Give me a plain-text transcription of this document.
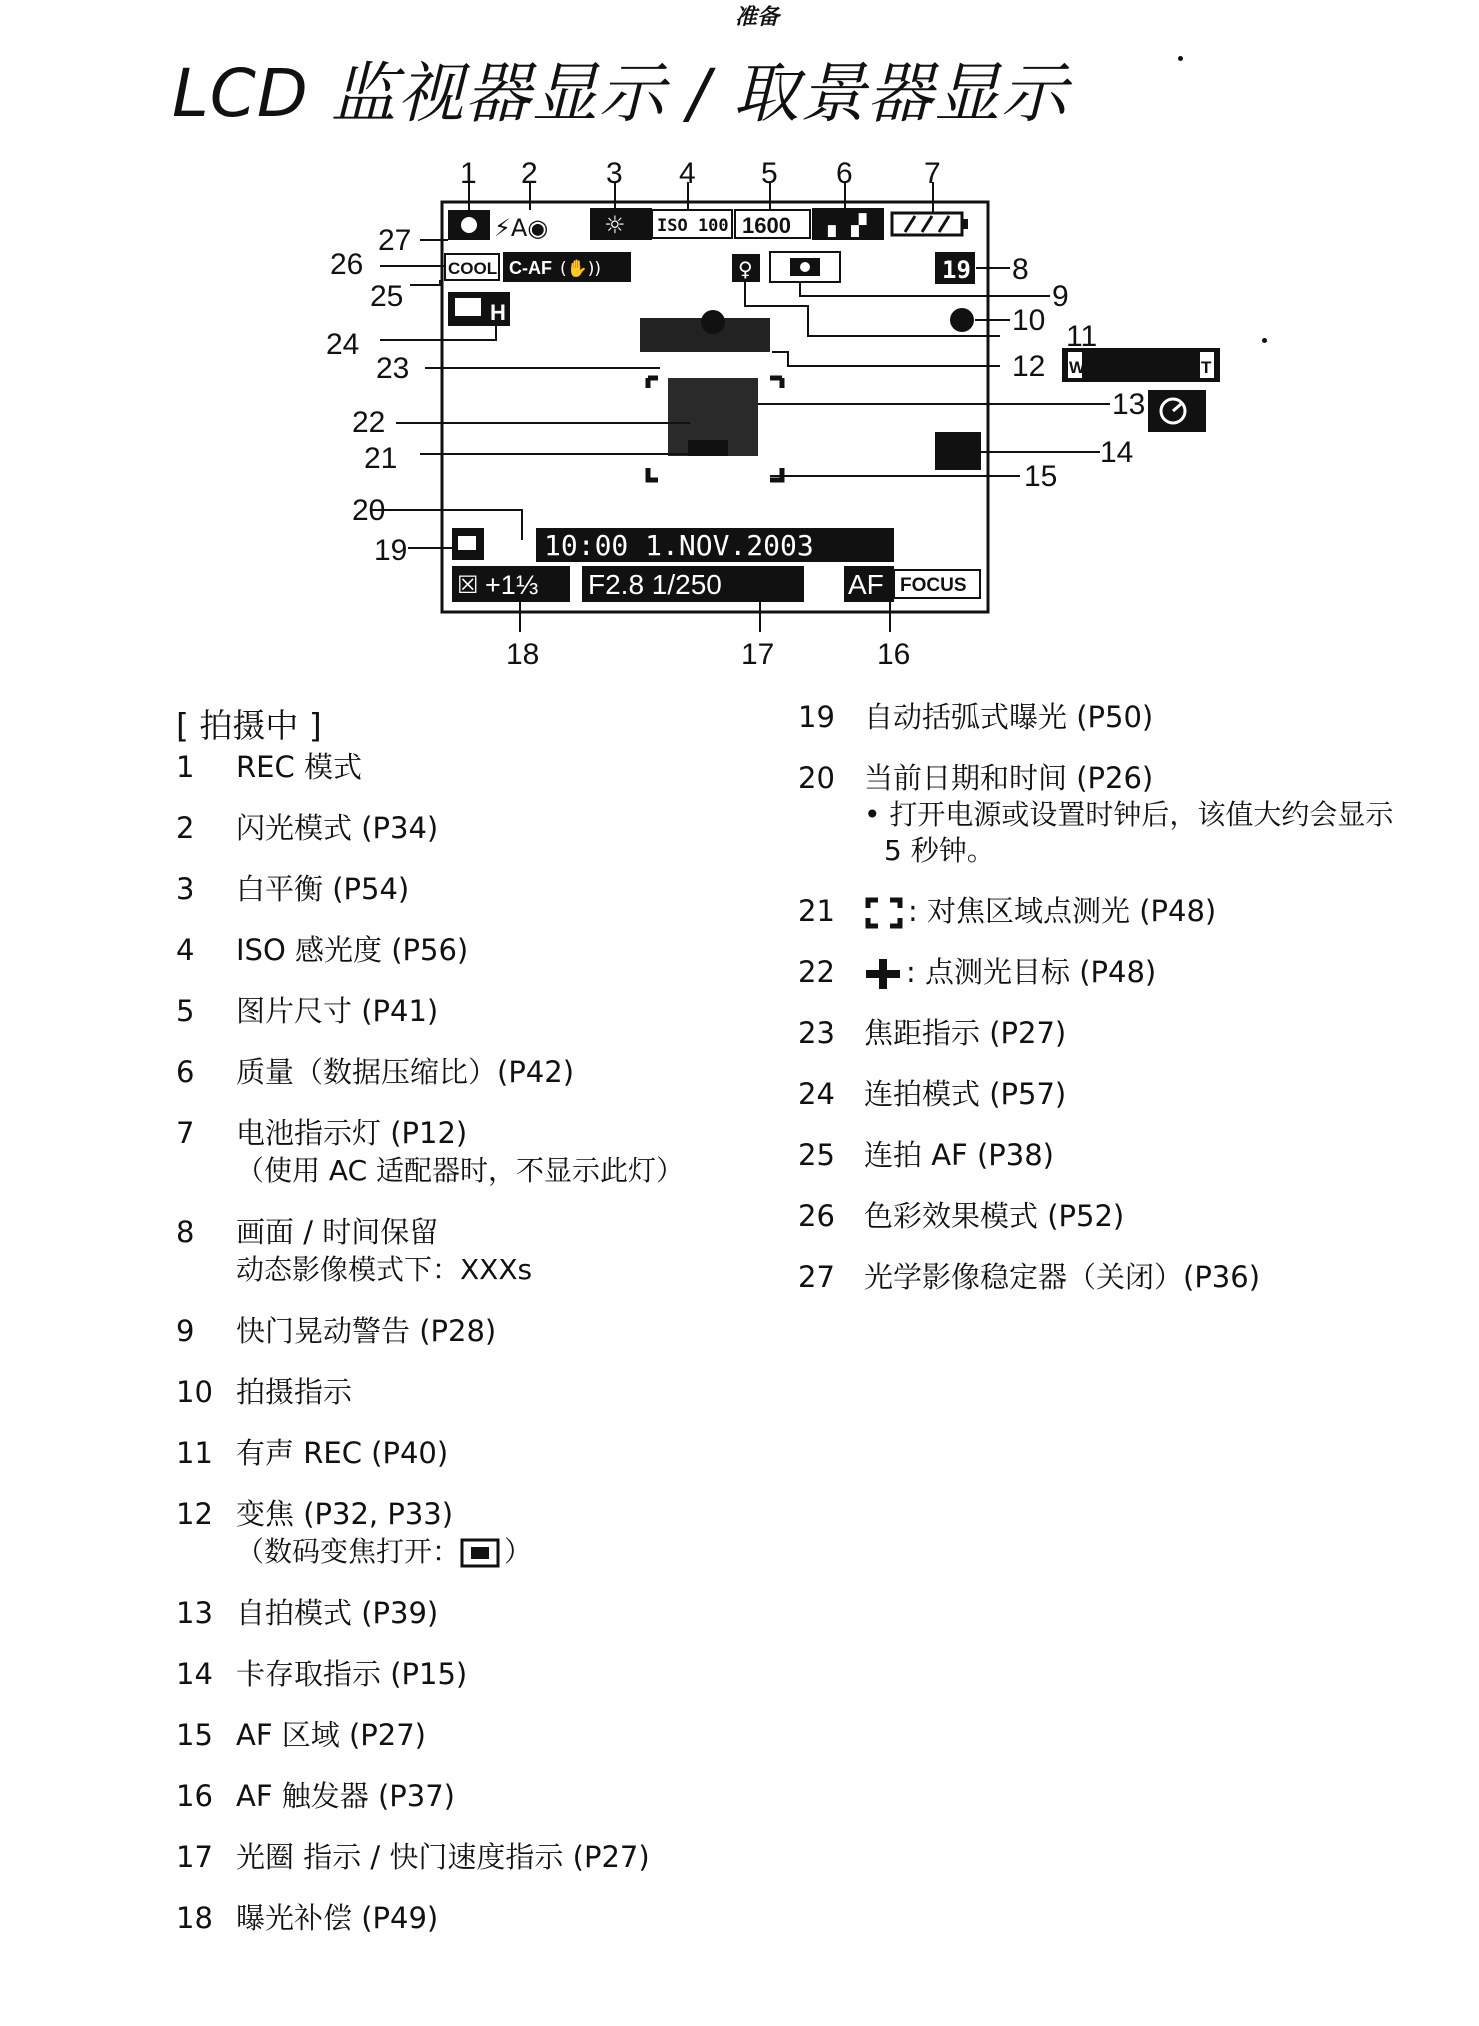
准备
LCD 监视器显示 / 取景器显示
⚡A◉ ☼ ISO 100 1600 ▖▗▘
COOL C-AF (✋))	♀	19
H
10:00 1.NOV.2003
☒ +1⅓ F2.8 1/250	AF FOCUS
W	T
1 2 3 4 5 6 7
8
9
10 11
12
13
14
15
16
17
18
19
20
21
22
23
24
25
26
27
[ 拍摄中 ]
1 REC 模式
2 闪光模式 (P34)
3 白平衡 (P54)
4 ISO 感光度 (P56)
5 图片尺寸 (P41)
6 质量（数据压缩比）(P42)
7 电池指示灯 (P12)
（使用 AC 适配器时，不显示此灯）
8 画面 / 时间保留
动态影像模式下：XXXs
9 快门晃动警告 (P28)
10 拍摄指示
11 有声 REC (P40)
12 变焦 (P32, P33)
（数码变焦打开： ）
13 自拍模式 (P39)
14 卡存取指示 (P15)
15 AF 区域 (P27)
16 AF 触发器 (P37)
17 光圈 指示 / 快门速度指示 (P27)
18 曝光补偿 (P49)
19 自动括弧式曝光 (P50)
20 当前日期和时间 (P26)
• 打开电源或设置时钟后，该值大约会显示 5 秒钟。
21	: 对焦区域点测光 (P48)
22	: 点测光目标 (P48)
23 焦距指示 (P27)
24 连拍模式 (P57)
25 连拍 AF (P38)
26 色彩效果模式 (P52)
27 光学影像稳定器（关闭）(P36)
